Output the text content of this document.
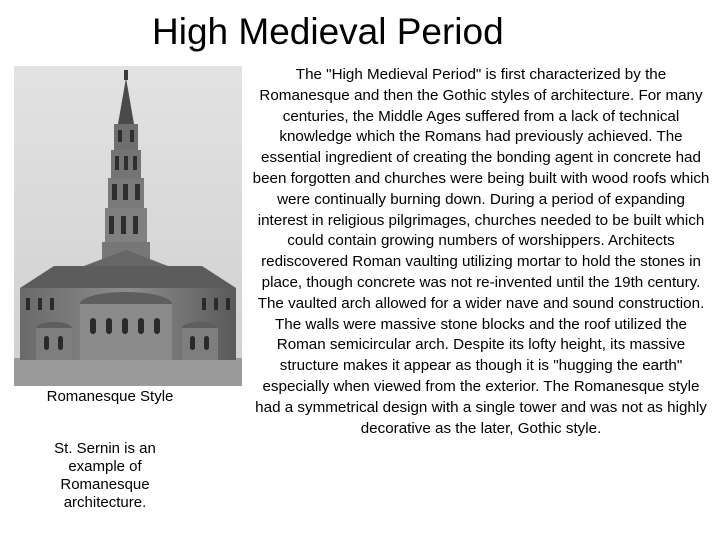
High Medieval Period
Romanesque Style
St. Sernin is an example of Romanesque architecture.
The "High Medieval Period" is first characterized by the Romanesque and then the Gothic styles of architecture. For many centuries, the Middle Ages suffered from a lack of technical knowledge which the Romans had previously achieved. The essential ingredient of creating the bonding agent in concrete had been forgotten and churches were being built with wood roofs which were continually burning down. During a period of expanding interest in religious pilgrimages, churches needed to be built which could contain growing numbers of worshippers. Architects rediscovered Roman vaulting utilizing mortar to hold the stones in place, though concrete was not re-invented until the 19th century. The vaulted arch allowed for a wider nave and sound construction. The walls were massive stone blocks and the roof utilized the Roman semicircular arch. Despite its lofty height, its massive structure makes it appear as though it is "hugging the earth" especially when viewed from the exterior. The Romanesque style had a symmetrical design with a single tower and was not as highly decorative as the later, Gothic style.
